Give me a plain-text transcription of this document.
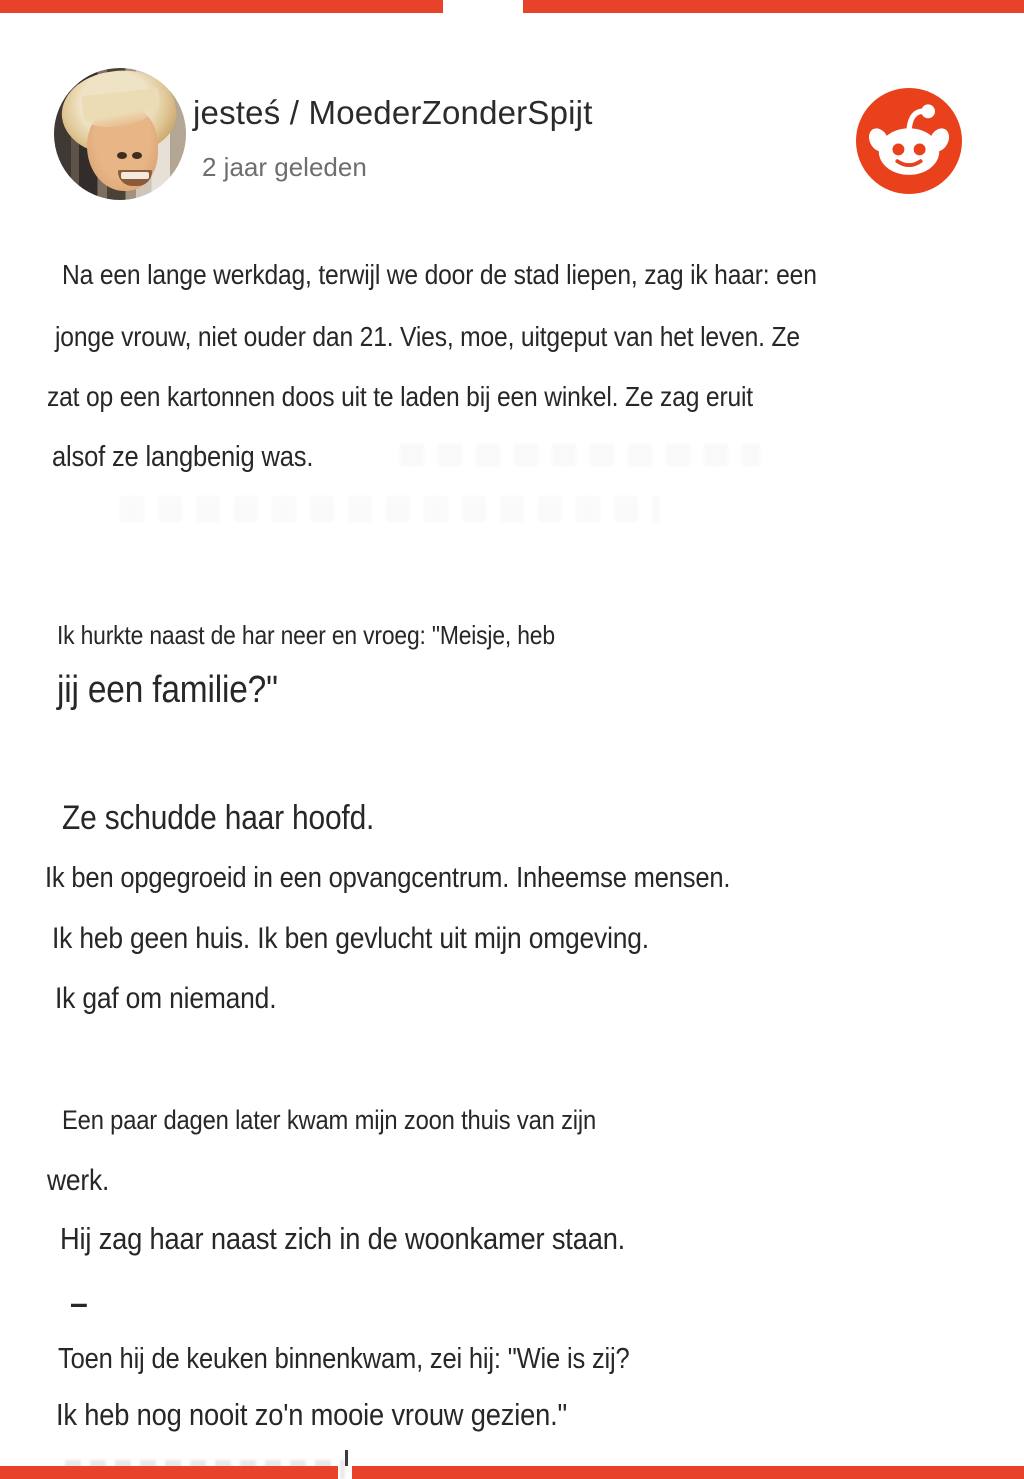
jesteś / MoederZonderSpijt
2 jaar geleden
Na een lange werkdag, terwijl we door de stad liepen, zag ik haar: een
jonge vrouw, niet ouder dan 21. Vies, moe, uitgeput van het leven. Ze
zat op een kartonnen doos uit te laden bij een winkel. Ze zag eruit
alsof ze langbenig was.
Ik hurkte naast de har neer en vroeg: "Meisje, heb
jij een familie?"
Ze schudde haar hoofd.
Ik ben opgegroeid in een opvangcentrum. Inheemse mensen.
Ik heb geen huis. Ik ben gevlucht uit mijn omgeving.
Ik gaf om niemand.
Een paar dagen later kwam mijn zoon thuis van zijn
werk.
Hij zag haar naast zich in de woonkamer staan.
–
Toen hij de keuken binnenkwam, zei hij: "Wie is zij?
Ik heb nog nooit zo'n mooie vrouw gezien."
